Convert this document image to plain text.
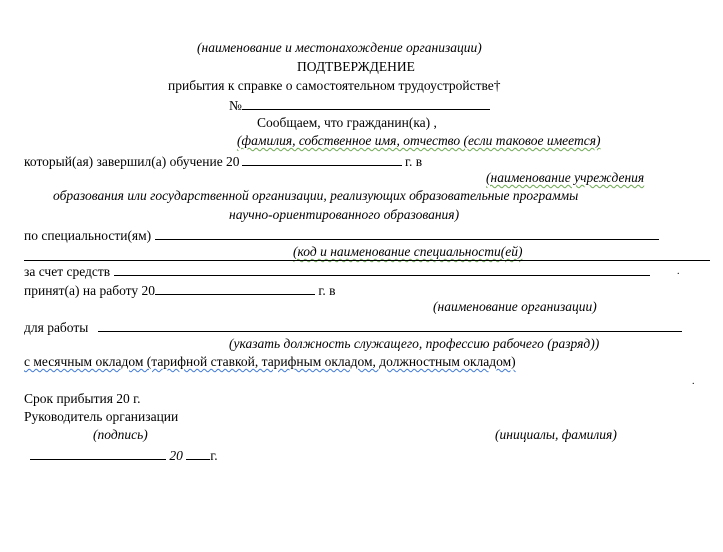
(наименование и местонахождение организации)
ПОДТВЕРЖДЕНИЕ
прибытия к справке о самостоятельном трудоустройстве†
№
Сообщаем, что гражданин(ка) ,
(фамилия, собственное имя, отчество (если таковое имеется)
который(ая) завершил(а) обучение 20	г. в
(наименование учреждения
образования или государственной организации, реализующих образовательные программы
научно-ориентированного образования)
по специальности(ям)
(код и наименование специальности(ей)
за счет средств	.
принят(а) на работу 20	г. в
(наименование организации)
для работы
(указать должность служащего, профессию рабочего (разряд))
с месячным окладом (тарифной ставкой, тарифным окладом, должностным окладом)
.
Срок прибытия 20 г.
Руководитель организации
(подпись)	(инициалы, фамилия)
20 г.
